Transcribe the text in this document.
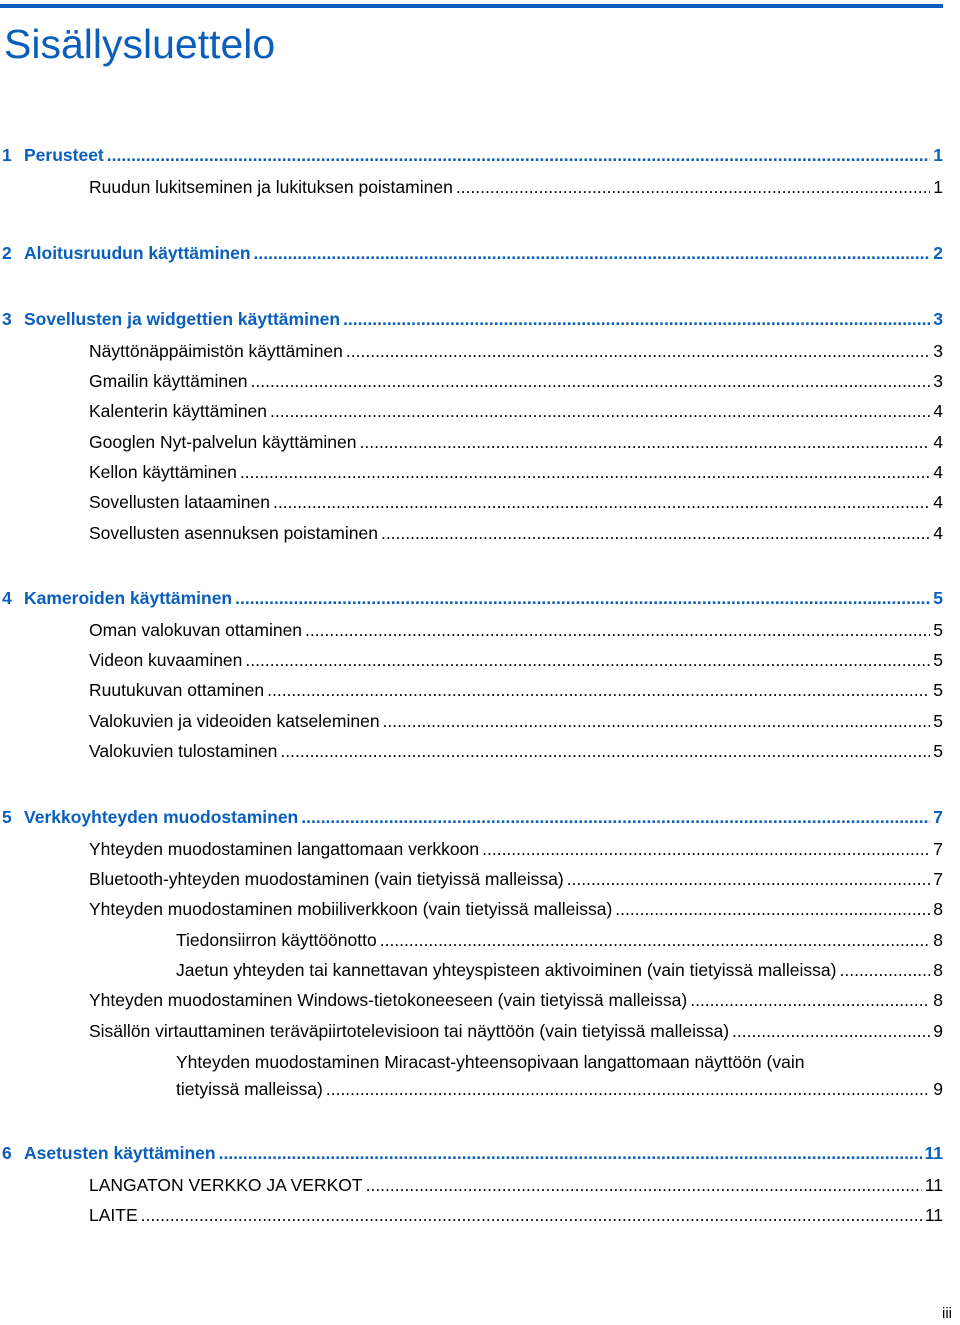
Sisällysluettelo
1 Perusteet .....	1
Ruudun lukitseminen ja lukituksen poistaminen .....	1
2 Aloitusruudun käyttäminen .....	2
3 Sovellusten ja widgettien käyttäminen .....	3
Näyttönäppäimistön käyttäminen .....	3
Gmailin käyttäminen .....	3
Kalenterin käyttäminen .....	4
Googlen Nyt-palvelun käyttäminen .....	4
Kellon käyttäminen .....	4
Sovellusten lataaminen .....	4
Sovellusten asennuksen poistaminen .....	4
4 Kameroiden käyttäminen .....	5
Oman valokuvan ottaminen .....	5
Videon kuvaaminen .....	5
Ruutukuvan ottaminen .....	5
Valokuvien ja videoiden katseleminen .....	5
Valokuvien tulostaminen .....	5
5 Verkkoyhteyden muodostaminen .....	7
Yhteyden muodostaminen langattomaan verkkoon .....	7
Bluetooth-yhteyden muodostaminen (vain tietyissä malleissa) .....	7
Yhteyden muodostaminen mobiiliverkkoon (vain tietyissä malleissa) .....	8
Tiedonsiirron käyttöönotto .....	8
Jaetun yhteyden tai kannettavan yhteyspisteen aktivoiminen (vain tietyissä malleissa) .....	8
Yhteyden muodostaminen Windows-tietokoneeseen (vain tietyissä malleissa) .....	8
Sisällön virtauttaminen teräväpiirtotelevisioon tai näyttöön (vain tietyissä malleissa) .....	9
Yhteyden muodostaminen Miracast-yhteensopivaan langattomaan näyttöön (vain
tietyissä malleissa) .....	9
6 Asetusten käyttäminen .....	11
LANGATON VERKKO JA VERKOT .....	11
LAITE .....	11
iii
